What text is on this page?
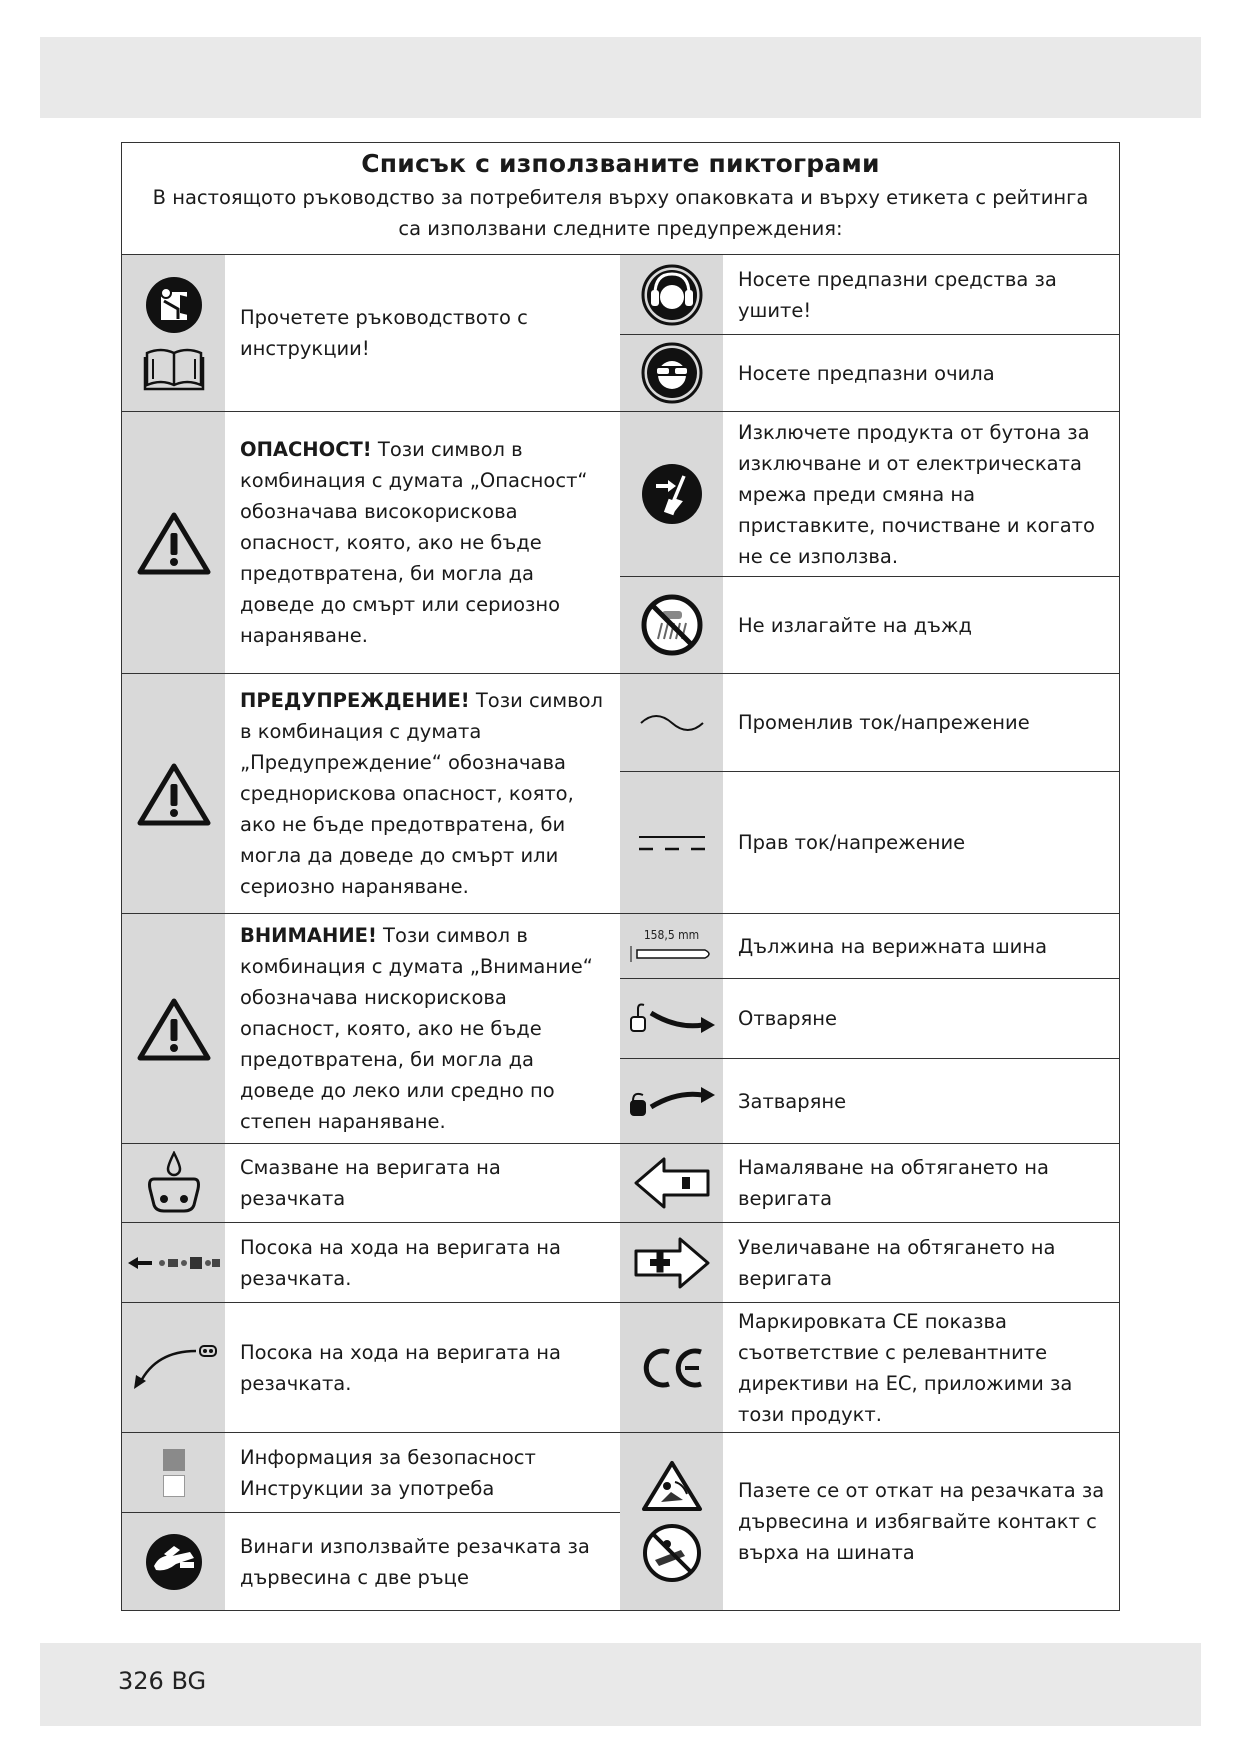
326 BG
Списък с използваните пиктограми
В настоящото ръководство за потребителя върху опаковката и върху етикета с рейтинга са използвани следните предупреждения:
Прочетете ръководството с инструкции!
ОПАСНОСТ! Този символ в комбинация с думата „Опасност“ обозначава високорискова опасност, която, ако не бъде предотвратена, би могла да доведе до смърт или сериозно нараняване.
ПРЕДУПРЕЖДЕНИЕ! Този символ в комбинация с думата „Предупреждение“ обозначава среднорискова опасност, която, ако не бъде предотвратена, би могла да доведе до смърт или сериозно нараняване.
ВНИМАНИЕ! Този символ в комбинация с думата „Внимание“ обозначава нискорискова опасност, която, ако не бъде предотвратена, би могла да доведе до леко или средно по степен нараняване.
Смазване на веригата на резачката
Посока на хода на веригата на резачката.
Посока на хода на веригата на резачката.
Информация за безопасност
Инструкции за употреба
Винаги използвайте резачката за дървесина с две ръце
Носете предпазни средства за ушите!
Носете предпазни очила
Изключете продукта от бутона за изключване и от електрическата мрежа преди смяна на приставките, почистване и когато не се използва.
Не излагайте на дъжд
Променлив ток/напрежение
Прав ток/напрежение
158,5 mm Дължина на верижната шина
Отваряне
Затваряне
Намаляване на обтягането на веригата
Увеличаване на обтягането на веригата
Маркировката CE показва съответствие с релевантните директиви на ЕС, приложими за този продукт.
Пазете се от откат на резачката за дървесина и избягвайте контакт с върха на шината
